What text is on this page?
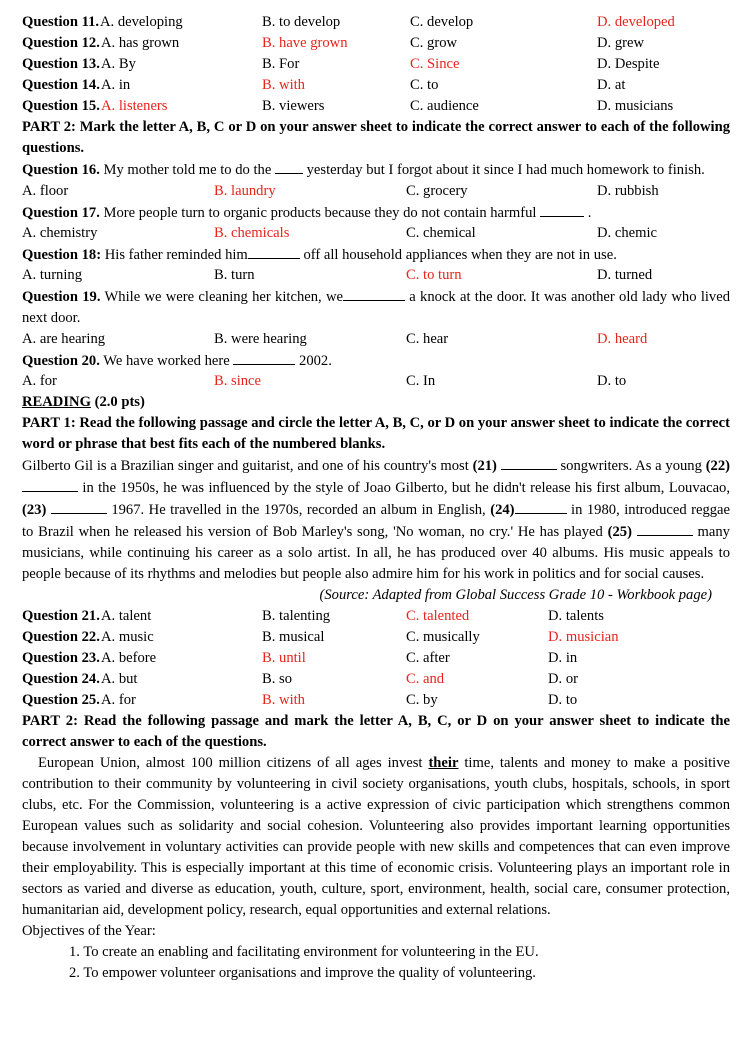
Question 11. A. developing	B. to develop	C. develop	D. developed
Question 12. A. has grown	B. have grown	C. grow	D. grew
Question 13. A. By	B. For	C. Since	D. Despite
Question 14. A. in	B. with	C. to	D. at
Question 15. A. listeners	B. viewers	C. audience	D. musicians
PART 2: Mark the letter A, B, C or D on your answer sheet to indicate the correct answer to each of the following questions.
Question 16. My mother told me to do the yesterday but I forgot about it since I had much homework to finish.
A. floor	B. laundry	C. grocery	D. rubbish
Question 17. More people turn to organic products because they do not contain harmful	.
A. chemistry	B. chemicals	C. chemical	D. chemic
Question 18: His father reminded him	off all household appliances when they are not in use.
A. turning	B. turn	C. to turn	D. turned
Question 19. While we were cleaning her kitchen, we	a knock at the door. It was another old lady who lived next door.
A. are hearing	B. were hearing	C. hear	D. heard
Question 20. We have worked here	2002.
A. for	B. since	C. In	D. to
READING (2.0 pts)
PART 1: Read the following passage and circle the letter A, B, C, or D on your answer sheet to indicate the correct word or phrase that best fits each of the numbered blanks.
Gilberto Gil is a Brazilian singer and guitarist, and one of his country's most (21)	songwriters. As a young (22)  in the 1950s, he was influenced by the style of Joao Gilberto, but he didn't release his first album, Louvacao, (23)	1967. He travelled in the 1970s, recorded an album in English, (24)	in 1980, introduced reggae to Brazil when he released his version of Bob Marley's song, 'No woman, no cry.' He has played (25)	many musicians, while continuing his career as a solo artist. In all, he has produced over 40 albums. His music appeals to people because of its rhythms and melodies but people also admire him for his work in politics and for social causes.
(Source: Adapted from Global Success Grade 10 - Workbook page)
Question 21. A. talent	B. talenting	C. talented	D. talents
Question 22. A. music	B. musical	C. musically	D. musician
Question 23. A. before	B. until	C. after	D. in
Question 24. A. but	B. so	C. and	D. or
Question 25. A. for	B. with	C. by	D. to
PART 2: Read the following passage and mark the letter A, B, C, or D on your answer sheet to indicate the correct answer to each of the questions.
European Union, almost 100 million citizens of all ages invest their time, talents and money to make a positive contribution to their community by volunteering in civil society organisations, youth clubs, hospitals, schools, in sport clubs, etc. For the Commission, volunteering is a active expression of civic participation which strengthens common European values such as solidarity and social cohesion. Volunteering also provides important learning opportunities because involvement in voluntary activities can provide people with new skills and competences that can even improve their employability. This is especially important at this time of economic crisis. Volunteering plays an important role in sectors as varied and diverse as education, youth, culture, sport, environment, health, social care, consumer protection, humanitarian aid, development policy, research, equal opportunities and external relations.
Objectives of the Year:
1. To create an enabling and facilitating environment for volunteering in the EU.
2. To empower volunteer organisations and improve the quality of volunteering.
